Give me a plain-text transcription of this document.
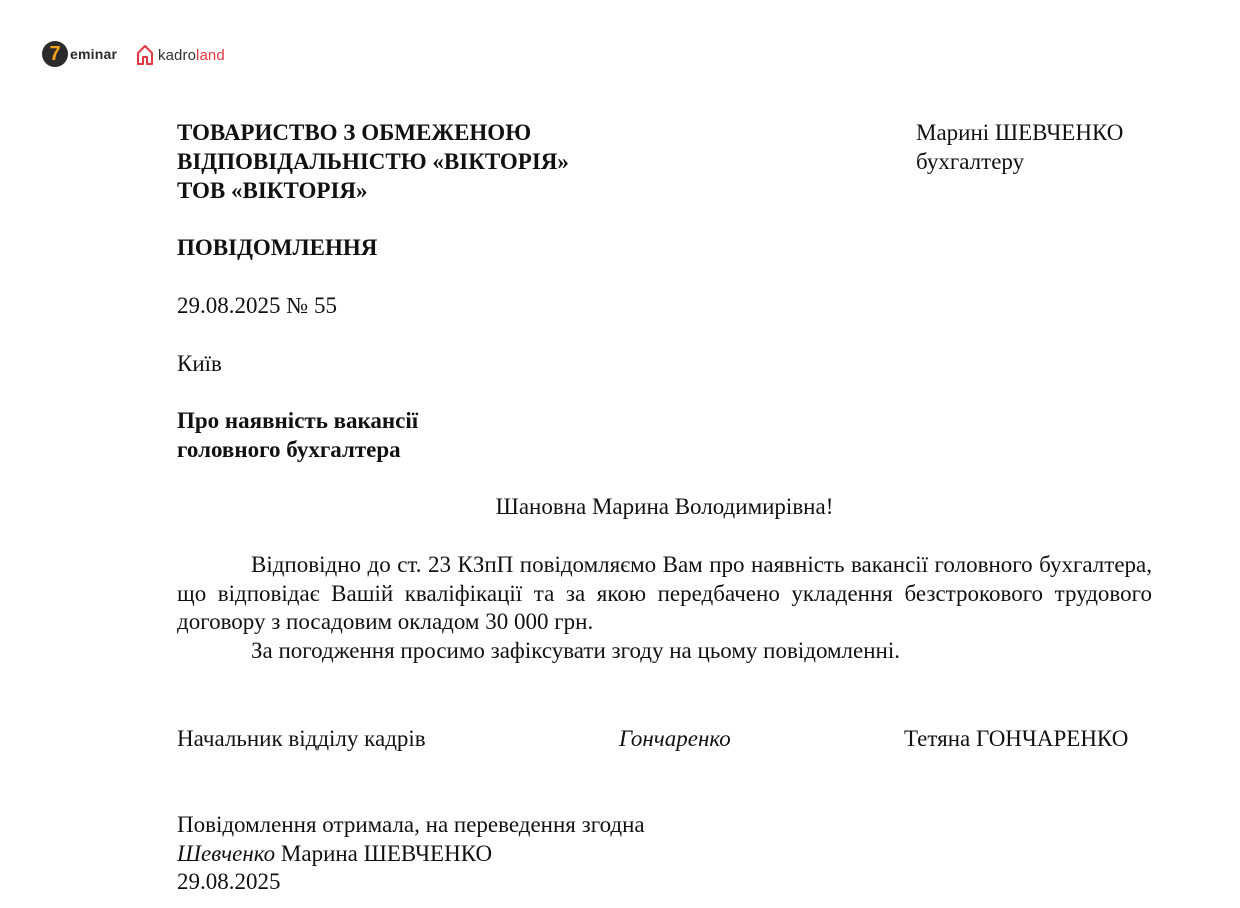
7 eminar	kadroland
ТОВАРИСТВО З ОБМЕЖЕНОЮ
ВІДПОВІДАЛЬНІСТЮ «ВІКТОРІЯ»
ТОВ «ВІКТОРІЯ»
Марині ШЕВЧЕНКО
бухгалтеру
ПОВІДОМЛЕННЯ
29.08.2025 № 55
Київ
Про наявність вакансії
головного бухгалтера
Шановна Марина Володимирівна!
Відповідно до ст. 23 КЗпП повідомляємо Вам про наявність вакансії головного бухгалтера, що відповідає Вашій кваліфікації та за якою передбачено укладення безстрокового трудового договору з посадовим окладом 30 000 грн.
За погодження просимо зафіксувати згоду на цьому повідомленні.
Начальник відділу кадрів	Гончаренко	Тетяна ГОНЧАРЕНКО
Повідомлення отримала, на переведення згодна
Шевченко Марина ШЕВЧЕНКО
29.08.2025
